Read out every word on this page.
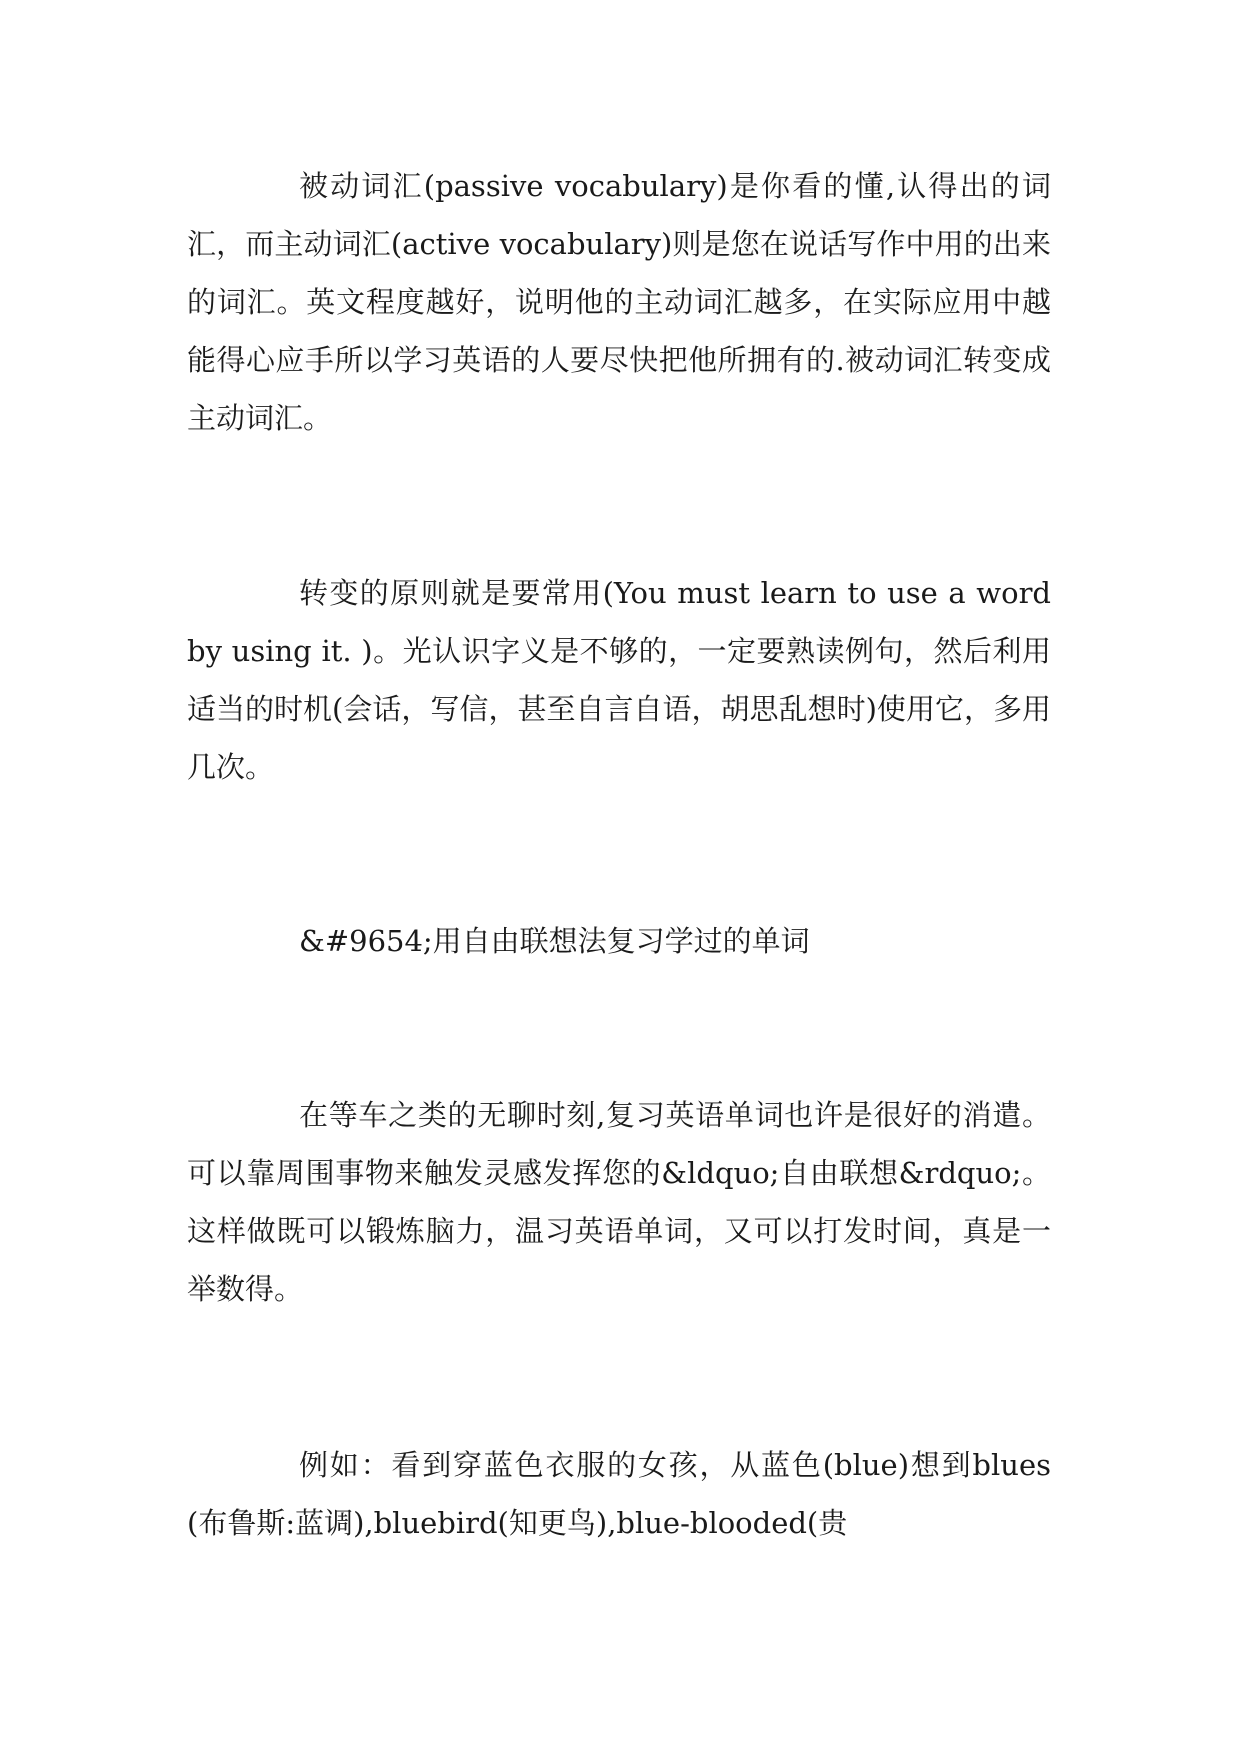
被动词汇(passive vocabulary)是你看的懂,认得出的词汇，而主动词汇(active vocabulary)则是您在说话写作中用的出来的词汇。英文程度越好，说明他的主动词汇越多，在实际应用中越能得心应手所以学习英语的人要尽快把他所拥有的.被动词汇转变成主动词汇。

转变的原则就是要常用(You must learn to use a word by using it. )。光认识字义是不够的，一定要熟读例句，然后利用适当的时机(会话，写信，甚至自言自语，胡思乱想时)使用它，多用几次。

&#9654;用自由联想法复习学过的单词

在等车之类的无聊时刻,复习英语单词也许是很好的消遣。可以靠周围事物来触发灵感发挥您的&ldquo;自由联想&rdquo;。这样做既可以锻炼脑力，温习英语单词，又可以打发时间，真是一举数得。

例如：看到穿蓝色衣服的女孩，从蓝色(blue)想到blues(布鲁斯:蓝调),bluebird(知更鸟),blue-blooded(贵
